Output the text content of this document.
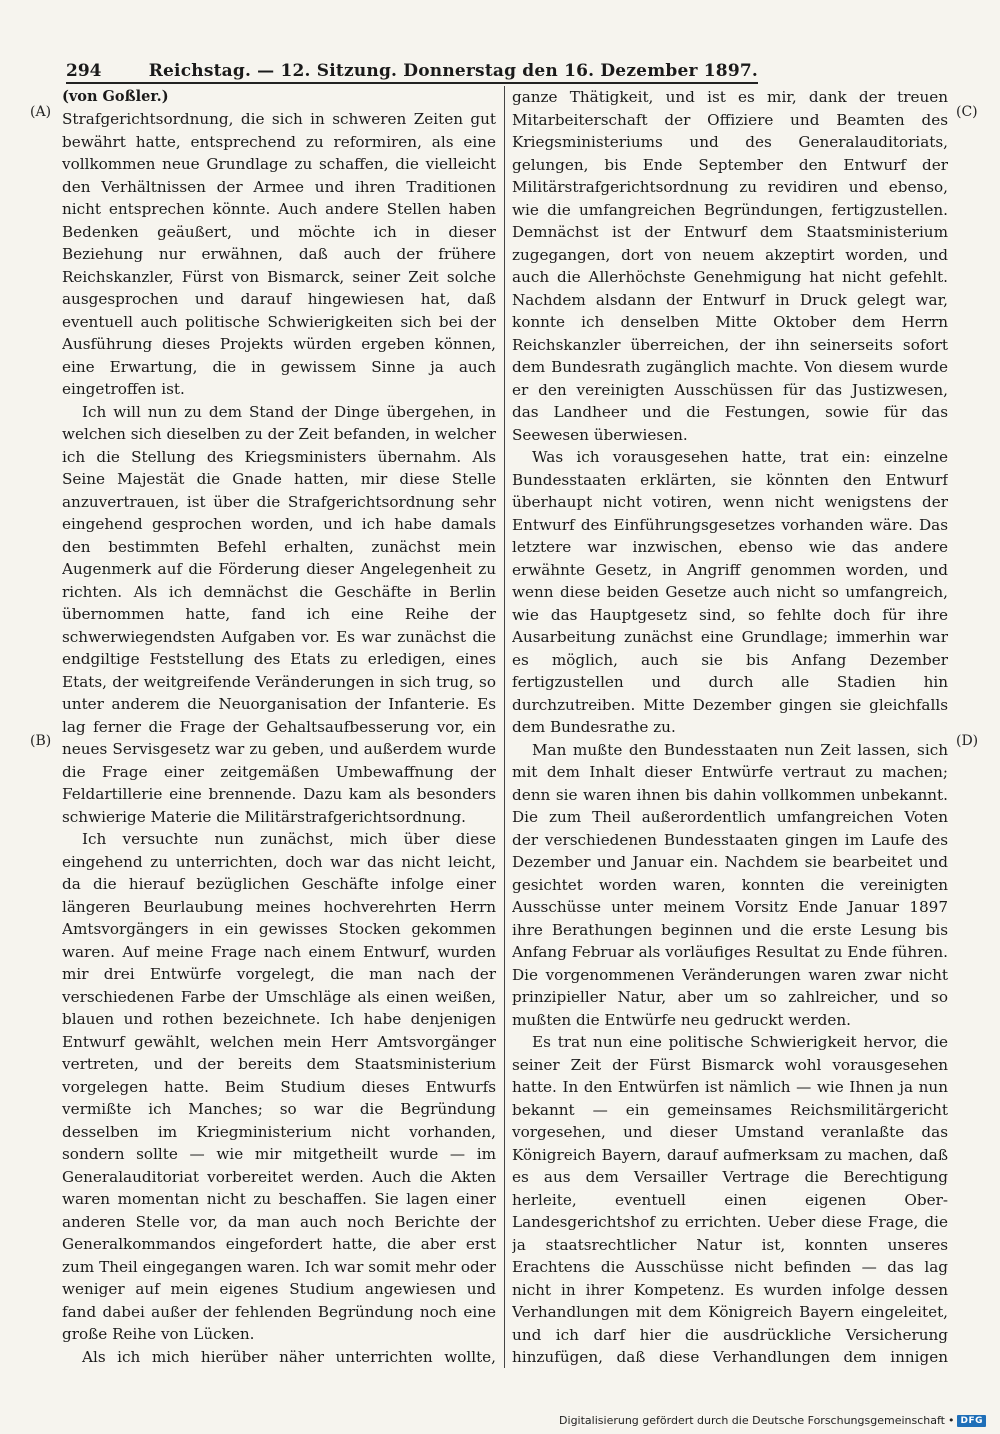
294	Reichstag. — 12. Sitzung. Donnerstag den 16. Dezember 1897.
(A)
(B)
(C)
(D)
(von Goßler.)

Strafgerichtsordnung, die sich in schweren Zeiten gut bewährt hatte, entsprechend zu reformiren, als eine vollkommen neue Grundlage zu schaffen, die vielleicht den Verhältnissen der Armee und ihren Traditionen nicht entsprechen könnte. Auch andere Stellen haben Bedenken geäußert, und möchte ich in dieser Beziehung nur erwähnen, daß auch der frühere Reichskanzler, Fürst von Bismarck, seiner Zeit solche ausgesprochen und darauf hingewiesen hat, daß eventuell auch politische Schwierigkeiten sich bei der Ausführung dieses Projekts würden ergeben können, eine Erwartung, die in gewissem Sinne ja auch eingetroffen ist.

Ich will nun zu dem Stand der Dinge übergehen, in welchen sich dieselben zu der Zeit befanden, in welcher ich die Stellung des Kriegsministers übernahm. Als Seine Majestät die Gnade hatten, mir diese Stelle anzuvertrauen, ist über die Strafgerichtsordnung sehr eingehend gesprochen worden, und ich habe damals den bestimmten Befehl erhalten, zunächst mein Augenmerk auf die Förderung dieser Angelegenheit zu richten. Als ich demnächst die Geschäfte in Berlin übernommen hatte, fand ich eine Reihe der schwerwiegendsten Aufgaben vor. Es war zunächst die endgiltige Feststellung des Etats zu erledigen, eines Etats, der weitgreifende Veränderungen in sich trug, so unter anderem die Neuorganisation der Infanterie. Es lag ferner die Frage der Gehaltsaufbesserung vor, ein neues Servisgesetz war zu geben, und außerdem wurde die Frage einer zeitgemäßen Umbewaffnung der Feldartillerie eine brennende. Dazu kam als besonders schwierige Materie die Militärstrafgerichtsordnung.

Ich versuchte nun zunächst, mich über diese eingehend zu unterrichten, doch war das nicht leicht, da die hierauf bezüglichen Geschäfte infolge einer längeren Beurlaubung meines hochverehrten Herrn Amtsvorgängers in ein gewisses Stocken gekommen waren. Auf meine Frage nach einem Entwurf, wurden mir drei Entwürfe vorgelegt, die man nach der verschiedenen Farbe der Umschläge als einen weißen, blauen und rothen bezeichnete. Ich habe denjenigen Entwurf gewählt, welchen mein Herr Amtsvorgänger vertreten, und der bereits dem Staatsministerium vorgelegen hatte. Beim Studium dieses Entwurfs vermißte ich Manches; so war die Begründung desselben im Kriegministerium nicht vorhanden, sondern sollte — wie mir mitgetheilt wurde — im Generalauditoriat vorbereitet werden. Auch die Akten waren momentan nicht zu beschaffen. Sie lagen einer anderen Stelle vor, da man auch noch Berichte der Generalkommandos eingefordert hatte, die aber erst zum Theil eingegangen waren. Ich war somit mehr oder weniger auf mein eigenes Studium angewiesen und fand dabei außer der fehlenden Begründung noch eine große Reihe von Lücken.

Als ich mich hierüber näher unterrichten wollte,

ganze Thätigkeit, und ist es mir, dank der treuen Mitarbeiterschaft der Offiziere und Beamten des Kriegsministeriums und des Generalauditoriats, gelungen, bis Ende September den Entwurf der Militärstrafgerichtsordnung zu revidiren und ebenso, wie die umfangreichen Begründungen, fertigzustellen. Demnächst ist der Entwurf dem Staatsministerium zugegangen, dort von neuem akzeptirt worden, und auch die Allerhöchste Genehmigung hat nicht gefehlt. Nachdem alsdann der Entwurf in Druck gelegt war, konnte ich denselben Mitte Oktober dem Herrn Reichskanzler überreichen, der ihn seinerseits sofort dem Bundesrath zugänglich machte. Von diesem wurde er den vereinigten Ausschüssen für das Justizwesen, das Landheer und die Festungen, sowie für das Seewesen überwiesen.

Was ich vorausgesehen hatte, trat ein: einzelne Bundesstaaten erklärten, sie könnten den Entwurf überhaupt nicht votiren, wenn nicht wenigstens der Entwurf des Einführungsgesetzes vorhanden wäre. Das letztere war inzwischen, ebenso wie das andere erwähnte Gesetz, in Angriff genommen worden, und wenn diese beiden Gesetze auch nicht so umfangreich, wie das Hauptgesetz sind, so fehlte doch für ihre Ausarbeitung zunächst eine Grundlage; immerhin war es möglich, auch sie bis Anfang Dezember fertigzustellen und durch alle Stadien hin durchzutreiben. Mitte Dezember gingen sie gleichfalls dem Bundesrathe zu.

Man mußte den Bundesstaaten nun Zeit lassen, sich mit dem Inhalt dieser Entwürfe vertraut zu machen; denn sie waren ihnen bis dahin vollkommen unbekannt. Die zum Theil außerordentlich umfangreichen Voten der verschiedenen Bundesstaaten gingen im Laufe des Dezember und Januar ein. Nachdem sie bearbeitet und gesichtet worden waren, konnten die vereinigten Ausschüsse unter meinem Vorsitz Ende Januar 1897 ihre Berathungen beginnen und die erste Lesung bis Anfang Februar als vorläufiges Resultat zu Ende führen. Die vorgenommenen Veränderungen waren zwar nicht prinzipieller Natur, aber um so zahlreicher, und so mußten die Entwürfe neu gedruckt werden.

Es trat nun eine politische Schwierigkeit hervor, die seiner Zeit der Fürst Bismarck wohl vorausgesehen hatte. In den Entwürfen ist nämlich — wie Ihnen ja nun bekannt — ein gemeinsames Reichsmilitärgericht vorgesehen, und dieser Umstand veranlaßte das Königreich Bayern, darauf aufmerksam zu machen, daß es aus dem Versailler Vertrage die Berechtigung herleite, eventuell einen eigenen Ober-Landesgerichtshof zu errichten. Ueber diese Frage, die ja staatsrechtlicher Natur ist, konnten unseres Erachtens die Ausschüsse nicht befinden — das lag nicht in ihrer Kompetenz. Es wurden infolge dessen Verhandlungen mit dem Königreich Bayern eingeleitet, und ich darf hier die ausdrückliche Versicherung hinzufügen, daß diese Verhandlungen dem innigen

Digitalisierung gefördert durch die Deutsche Forschungsgemeinschaft • DFG
